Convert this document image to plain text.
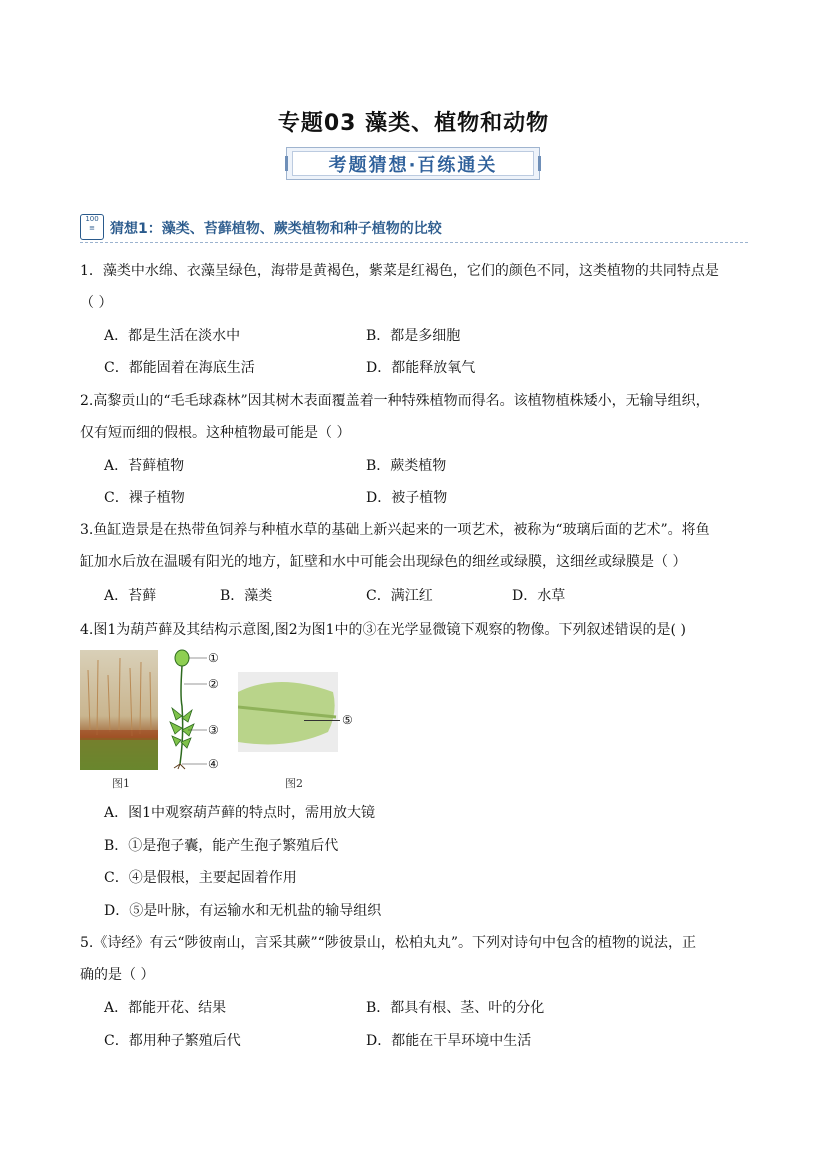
专题03 藻类、植物和动物
考题猜想·百练通关
100
≡	猜想1：藻类、苔藓植物、蕨类植物和种子植物的比较
1．藻类中水绵、衣藻呈绿色，海带是黄褐色，紫菜是红褐色，它们的颜色不同，这类植物的共同特点是
（ ）
A．都是生活在淡水中	B．都是多细胞
C．都能固着在海底生活	D．都能释放氧气
2.高黎贡山的“毛毛球森林”因其树木表面覆盖着一种特殊植物而得名。该植物植株矮小，无输导组织，
仅有短而细的假根。这种植物最可能是（ ）
A．苔藓植物	B．蕨类植物
C．裸子植物	D．被子植物
3.鱼缸造景是在热带鱼饲养与种植水草的基础上新兴起来的一项艺术，被称为“玻璃后面的艺术”。将鱼
缸加水后放在温暖有阳光的地方，缸壁和水中可能会出现绿色的细丝或绿膜，这细丝或绿膜是（ ）
A．苔藓	B．藻类	C．满江红	D．水草
4.图1为葫芦藓及其结构示意图,图2为图1中的③在光学显微镜下观察的物像。下列叙述错误的是( )
①
②
③
④
⑤
图1	图2
A．图1中观察葫芦藓的特点时，需用放大镜
B．①是孢子囊，能产生孢子繁殖后代
C．④是假根，主要起固着作用
D．⑤是叶脉，有运输水和无机盐的输导组织
5.《诗经》有云“陟彼南山，言采其蕨”“陟彼景山，松柏丸丸”。下列对诗句中包含的植物的说法，正
确的是（ ）
A．都能开花、结果	B．都具有根、茎、叶的分化
C．都用种子繁殖后代	D．都能在干旱环境中生活
